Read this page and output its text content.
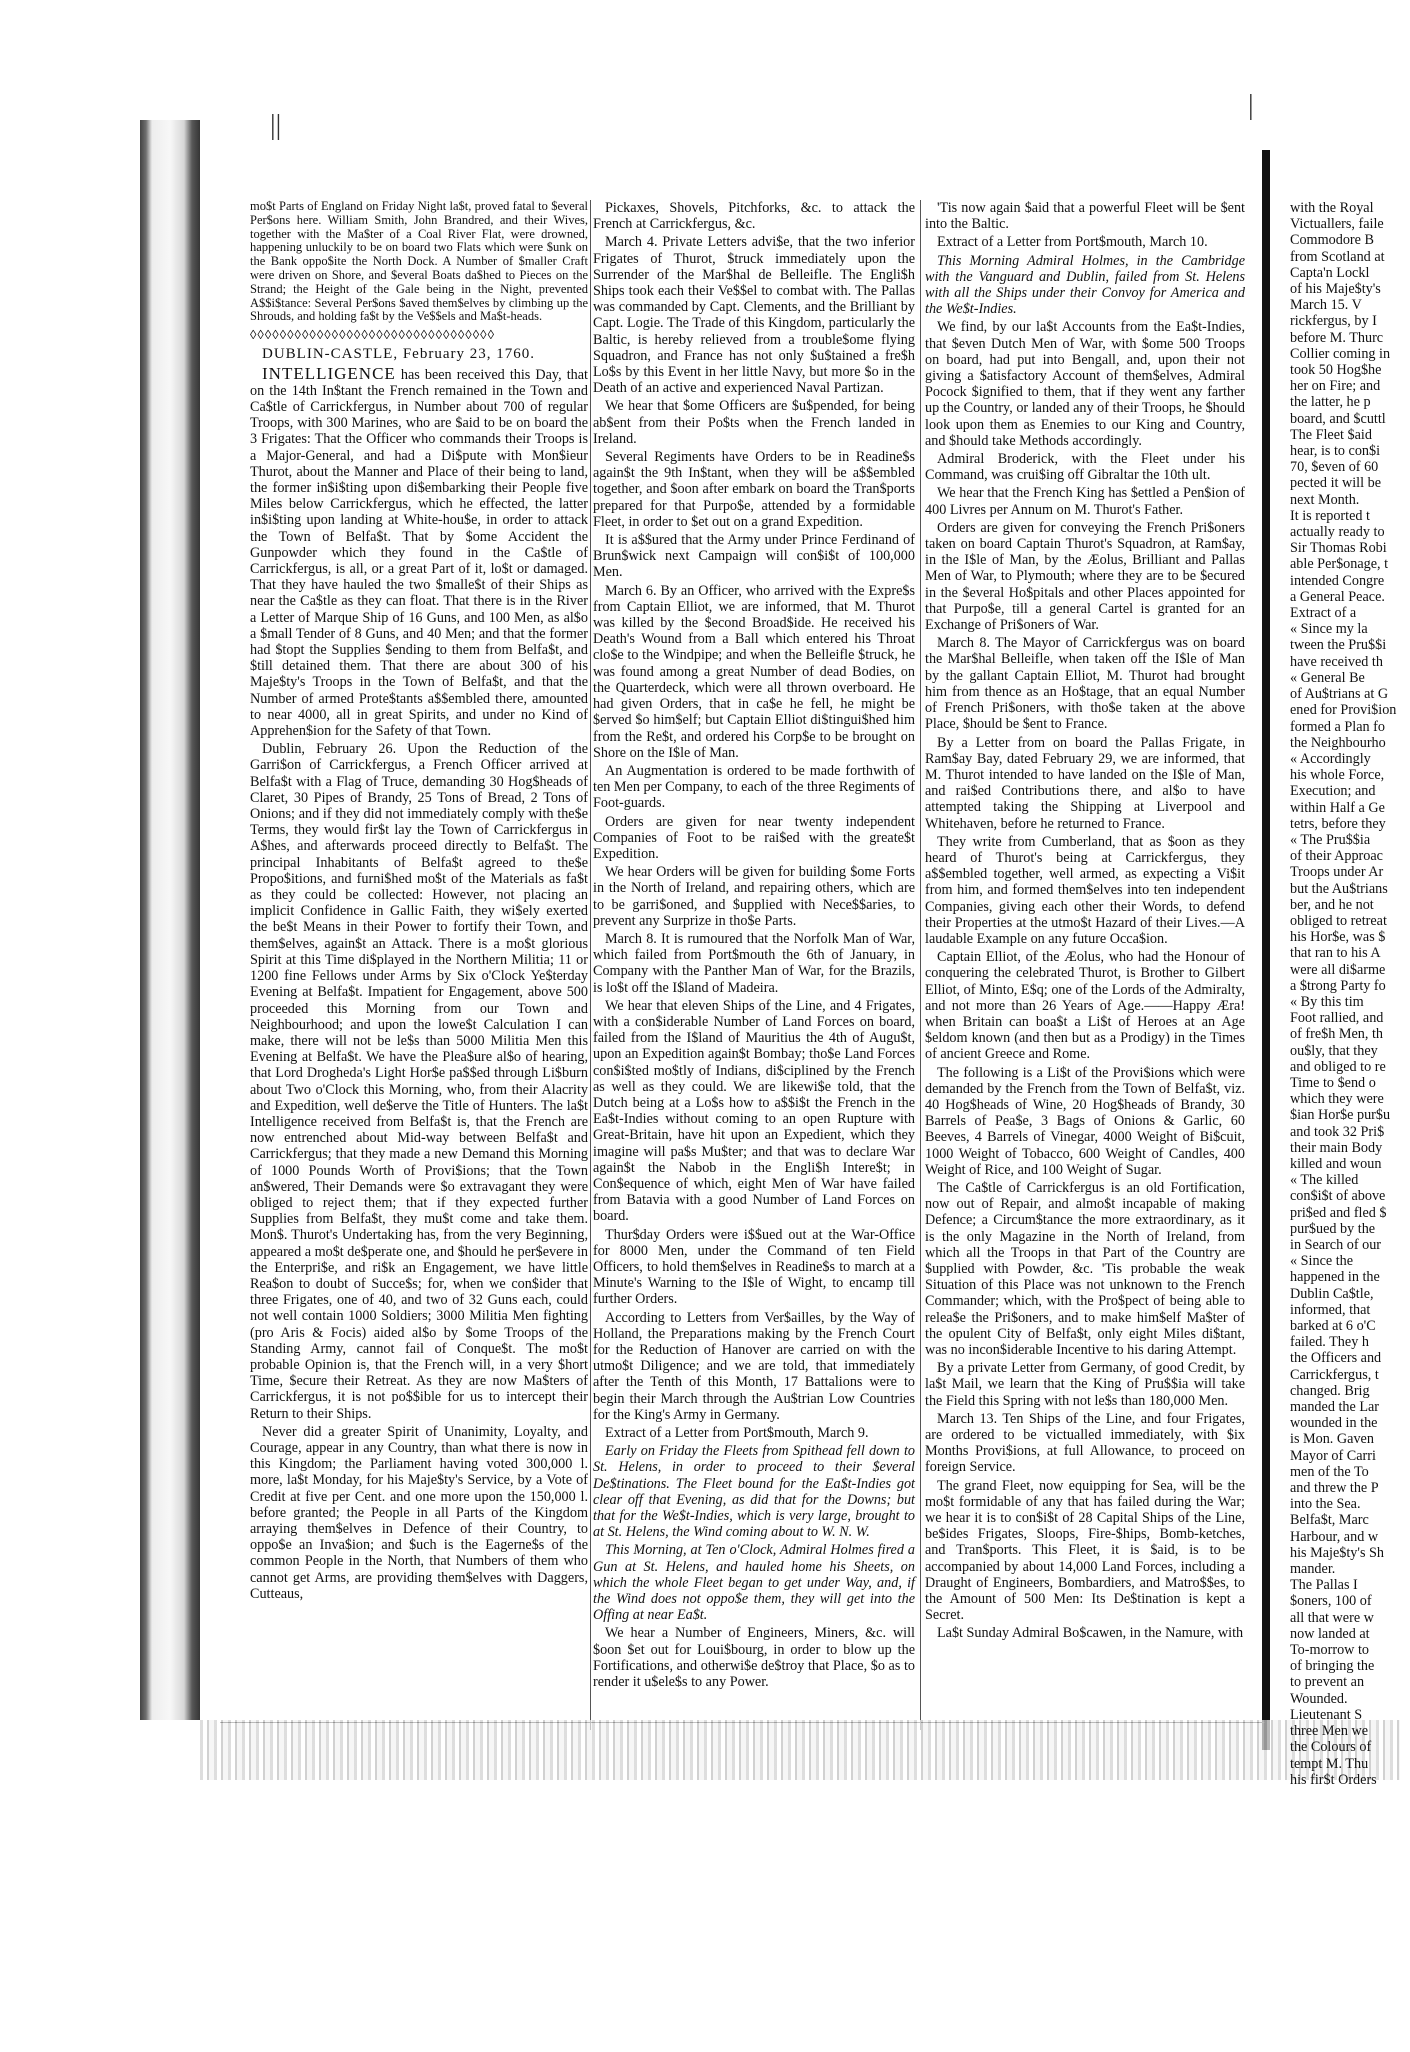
||
|

mo$t Parts of England on Friday Night la$t, proved fatal to $everal Per$ons here. William Smith, John Brandred, and their Wives, together with the Ma$ter of a Coal River Flat, were drowned, happening unluckily to be on board two Flats which were $unk on the Bank oppo$ite the North Dock. A Number of $maller Craft were driven on Shore, and $everal Boats da$hed to Pieces on the Strand; the Height of the Gale being in the Night, prevented A$$i$tance: Several Per$ons $aved them$elves by climbing up the Shrouds, and holding fa$t by the Ve$$els and Ma$t-heads.

◊◊◊◊◊◊◊◊◊◊◊◊◊◊◊◊◊◊◊◊◊◊◊◊◊◊◊◊◊◊◊◊◊

DUBLIN-CASTLE, February 23, 1760.

INTELLIGENCE has been received this Day, that on the 14th In$tant the French remained in the Town and Ca$tle of Carrickfergus, in Number about 700 of regular Troops, with 300 Marines, who are $aid to be on board the 3 Frigates: That the Officer who commands their Troops is a Major-General, and had a Di$pute with Mon$ieur Thurot, about the Manner and Place of their being to land, the former in$i$ting upon di$embarking their People five Miles below Carrickfergus, which he effected, the latter in$i$ting upon landing at White-hou$e, in order to attack the Town of Belfa$t. That by $ome Accident the Gunpowder which they found in the Ca$tle of Carrickfergus, is all, or a great Part of it, lo$t or damaged. That they have hauled the two $malle$t of their Ships as near the Ca$tle as they can float. That there is in the River a Letter of Marque Ship of 16 Guns, and 100 Men, as al$o a $mall Tender of 8 Guns, and 40 Men; and that the former had $topt the Supplies $ending to them from Belfa$t, and $till detained them. That there are about 300 of his Maje$ty's Troops in the Town of Belfa$t, and that the Number of armed Prote$tants a$$embled there, amounted to near 4000, all in great Spirits, and under no Kind of Apprehen$ion for the Safety of that Town.

Dublin, February 26. Upon the Reduction of the Garri$on of Carrickfergus, a French Officer arrived at Belfa$t with a Flag of Truce, demanding 30 Hog$heads of Claret, 30 Pipes of Brandy, 25 Tons of Bread, 2 Tons of Onions; and if they did not immediately comply with the$e Terms, they would fir$t lay the Town of Carrickfergus in A$hes, and afterwards proceed directly to Belfa$t. The principal Inhabitants of Belfa$t agreed to the$e Propo$itions, and furni$hed mo$t of the Materials as fa$t as they could be collected: However, not placing an implicit Confidence in Gallic Faith, they wi$ely exerted the be$t Means in their Power to fortify their Town, and them$elves, again$t an Attack. There is a mo$t glorious Spirit at this Time di$played in the Northern Militia; 11 or 1200 fine Fellows under Arms by Six o'Clock Ye$terday Evening at Belfa$t. Impatient for Engagement, above 500 proceeded this Morning from our Town and Neighbourhood; and upon the lowe$t Calculation I can make, there will not be le$s than 5000 Militia Men this Evening at Belfa$t. We have the Plea$ure al$o of hearing, that Lord Drogheda's Light Hor$e pa$$ed through Li$burn about Two o'Clock this Morning, who, from their Alacrity and Expedition, well de$erve the Title of Hunters. The la$t Intelligence received from Belfa$t is, that the French are now entrenched about Mid-way between Belfa$t and Carrickfergus; that they made a new Demand this Morning of 1000 Pounds Worth of Provi$ions; that the Town an$wered, Their Demands were $o extravagant they were obliged to reject them; that if they expected further Supplies from Belfa$t, they mu$t come and take them. Mon$. Thurot's Undertaking has, from the very Beginning, appeared a mo$t de$perate one, and $hould he per$evere in the Enterpri$e, and ri$k an Engagement, we have little Rea$on to doubt of Succe$s; for, when we con$ider that three Frigates, one of 40, and two of 32 Guns each, could not well contain 1000 Soldiers; 3000 Militia Men fighting (pro Aris & Focis) aided al$o by $ome Troops of the Standing Army, cannot fail of Conque$t. The mo$t probable Opinion is, that the French will, in a very $hort Time, $ecure their Retreat. As they are now Ma$ters of Carrickfergus, it is not po$$ible for us to intercept their Return to their Ships.

Never did a greater Spirit of Unanimity, Loyalty, and Courage, appear in any Country, than what there is now in this Kingdom; the Parliament having voted 300,000 l. more, la$t Monday, for his Maje$ty's Service, by a Vote of Credit at five per Cent. and one more upon the 150,000 l. before granted; the People in all Parts of the Kingdom arraying them$elves in Defence of their Country, to oppo$e an Inva$ion; and $uch is the Eagerne$s of the common People in the North, that Numbers of them who cannot get Arms, are providing them$elves with Daggers, Cutteaus,

Pickaxes, Shovels, Pitchforks, &c. to attack the French at Carrickfergus, &c.

March 4. Private Letters advi$e, that the two inferior Frigates of Thurot, $truck immediately upon the Surrender of the Mar$hal de Belleifle. The Engli$h Ships took each their Ve$$el to combat with. The Pallas was commanded by Capt. Clements, and the Brilliant by Capt. Logie. The Trade of this Kingdom, particularly the Baltic, is hereby relieved from a trouble$ome flying Squadron, and France has not only $u$tained a fre$h Lo$s by this Event in her little Navy, but more $o in the Death of an active and experienced Naval Partizan.

We hear that $ome Officers are $u$pended, for being ab$ent from their Po$ts when the French landed in Ireland.

Several Regiments have Orders to be in Readine$s again$t the 9th In$tant, when they will be a$$embled together, and $oon after embark on board the Tran$ports prepared for that Purpo$e, attended by a formidable Fleet, in order to $et out on a grand Expedition.

It is a$$ured that the Army under Prince Ferdinand of Brun$wick next Campaign will con$i$t of 100,000 Men.

March 6. By an Officer, who arrived with the Expre$s from Captain Elliot, we are informed, that M. Thurot was killed by the $econd Broad$ide. He received his Death's Wound from a Ball which entered his Throat clo$e to the Windpipe; and when the Belleifle $truck, he was found among a great Number of dead Bodies, on the Quarterdeck, which were all thrown overboard. He had given Orders, that in ca$e he fell, he might be $erved $o him$elf; but Captain Elliot di$tingui$hed him from the Re$t, and ordered his Corp$e to be brought on Shore on the I$le of Man.

An Augmentation is ordered to be made forthwith of ten Men per Company, to each of the three Regiments of Foot-guards.

Orders are given for near twenty independent Companies of Foot to be rai$ed with the greate$t Expedition.

We hear Orders will be given for building $ome Forts in the North of Ireland, and repairing others, which are to be garri$oned, and $upplied with Nece$$aries, to prevent any Surprize in tho$e Parts.

March 8. It is rumoured that the Norfolk Man of War, which failed from Port$mouth the 6th of January, in Company with the Panther Man of War, for the Brazils, is lo$t off the I$land of Madeira.

We hear that eleven Ships of the Line, and 4 Frigates, with a con$iderable Number of Land Forces on board, failed from the I$land of Mauritius the 4th of Augu$t, upon an Expedition again$t Bombay; tho$e Land Forces con$i$ted mo$tly of Indians, di$ciplined by the French as well as they could. We are likewi$e told, that the Dutch being at a Lo$s how to a$$i$t the French in the Ea$t-Indies without coming to an open Rupture with Great-Britain, have hit upon an Expedient, which they imagine will pa$s Mu$ter; and that was to declare War again$t the Nabob in the Engli$h Intere$t; in Con$equence of which, eight Men of War have failed from Batavia with a good Number of Land Forces on board.

Thur$day Orders were i$$ued out at the War-Office for 8000 Men, under the Command of ten Field Officers, to hold them$elves in Readine$s to march at a Minute's Warning to the I$le of Wight, to encamp till further Orders.

According to Letters from Ver$ailles, by the Way of Holland, the Preparations making by the French Court for the Reduction of Hanover are carried on with the utmo$t Diligence; and we are told, that immediately after the Tenth of this Month, 17 Battalions were to begin their March through the Au$trian Low Countries for the King's Army in Germany.

Extract of a Letter from Port$mouth, March 9.

Early on Friday the Fleets from Spithead fell down to St. Helens, in order to proceed to their $everal De$tinations. The Fleet bound for the Ea$t-Indies got clear off that Evening, as did that for the Downs; but that for the We$t-Indies, which is very large, brought to at St. Helens, the Wind coming about to W. N. W.

This Morning, at Ten o'Clock, Admiral Holmes fired a Gun at St. Helens, and hauled home his Sheets, on which the whole Fleet began to get under Way, and, if the Wind does not oppo$e them, they will get into the Offing at near Ea$t.

We hear a Number of Engineers, Miners, &c. will $oon $et out for Loui$bourg, in order to blow up the Fortifications, and otherwi$e de$troy that Place, $o as to render it u$ele$s to any Power.

'Tis now again $aid that a powerful Fleet will be $ent into the Baltic.

Extract of a Letter from Port$mouth, March 10.

This Morning Admiral Holmes, in the Cambridge with the Vanguard and Dublin, failed from St. Helens with all the Ships under their Convoy for America and the We$t-Indies.

We find, by our la$t Accounts from the Ea$t-Indies, that $even Dutch Men of War, with $ome 500 Troops on board, had put into Bengall, and, upon their not giving a $atisfactory Account of them$elves, Admiral Pocock $ignified to them, that if they went any farther up the Country, or landed any of their Troops, he $hould look upon them as Enemies to our King and Country, and $hould take Methods accordingly.

Admiral Broderick, with the Fleet under his Command, was crui$ing off Gibraltar the 10th ult.

We hear that the French King has $ettled a Pen$ion of 400 Livres per Annum on M. Thurot's Father.

Orders are given for conveying the French Pri$oners taken on board Captain Thurot's Squadron, at Ram$ay, in the I$le of Man, by the Æolus, Brilliant and Pallas Men of War, to Plymouth; where they are to be $ecured in the $everal Ho$pitals and other Places appointed for that Purpo$e, till a general Cartel is granted for an Exchange of Pri$oners of War.

March 8. The Mayor of Carrickfergus was on board the Mar$hal Belleifle, when taken off the I$le of Man by the gallant Captain Elliot, M. Thurot had brought him from thence as an Ho$tage, that an equal Number of French Pri$oners, with tho$e taken at the above Place, $hould be $ent to France.

By a Letter from on board the Pallas Frigate, in Ram$ay Bay, dated February 29, we are informed, that M. Thurot intended to have landed on the I$le of Man, and rai$ed Contributions there, and al$o to have attempted taking the Shipping at Liverpool and Whitehaven, before he returned to France.

They write from Cumberland, that as $oon as they heard of Thurot's being at Carrickfergus, they a$$embled together, well armed, as expecting a Vi$it from him, and formed them$elves into ten independent Companies, giving each other their Words, to defend their Properties at the utmo$t Hazard of their Lives.—A laudable Example on any future Occa$ion.

Captain Elliot, of the Æolus, who had the Honour of conquering the celebrated Thurot, is Brother to Gilbert Elliot, of Minto, E$q; one of the Lords of the Admiralty, and not more than 26 Years of Age.——Happy Æra! when Britain can boa$t a Li$t of Heroes at an Age $eldom known (and then but as a Prodigy) in the Times of ancient Greece and Rome.

The following is a Li$t of the Provi$ions which were demanded by the French from the Town of Belfa$t, viz. 40 Hog$heads of Wine, 20 Hog$heads of Brandy, 30 Barrels of Pea$e, 3 Bags of Onions & Garlic, 60 Beeves, 4 Barrels of Vinegar, 4000 Weight of Bi$cuit, 1000 Weight of Tobacco, 600 Weight of Candles, 400 Weight of Rice, and 100 Weight of Sugar.

The Ca$tle of Carrickfergus is an old Fortification, now out of Repair, and almo$t incapable of making Defence; a Circum$tance the more extraordinary, as it is the only Magazine in the North of Ireland, from which all the Troops in that Part of the Country are $upplied with Powder, &c. 'Tis probable the weak Situation of this Place was not unknown to the French Commander; which, with the Pro$pect of being able to relea$e the Pri$oners, and to make him$elf Ma$ter of the opulent City of Belfa$t, only eight Miles di$tant, was no incon$iderable Incentive to his daring Attempt.

By a private Letter from Germany, of good Credit, by la$t Mail, we learn that the King of Pru$$ia will take the Field this Spring with not le$s than 180,000 Men.

March 13. Ten Ships of the Line, and four Frigates, are ordered to be victualled immediately, with $ix Months Provi$ions, at full Allowance, to proceed on foreign Service.

The grand Fleet, now equipping for Sea, will be the mo$t formidable of any that has failed during the War; we hear it is to con$i$t of 28 Capital Ships of the Line, be$ides Frigates, Sloops, Fire-$hips, Bomb-ketches, and Tran$ports. This Fleet, it is $aid, is to be accompanied by about 14,000 Land Forces, including a Draught of Engineers, Bombardiers, and Matro$$es, to the Amount of 500 Men: Its De$tination is kept a Secret.

La$t Sunday Admiral Bo$cawen, in the Namure, with

with the Royal

Victuallers, faile

Commodore B

from Scotland at

Capta'n Lockl

of his Maje$ty's

March 15. V

rickfergus, by I

before M. Thurc

Collier coming in

took 50 Hog$he

her on Fire; and

the latter, he p

board, and $cuttl

The Fleet $aid

hear, is to con$i

70, $even of 60

pected it will be

next Month.

It is reported t

actually ready to

Sir Thomas Robi

able Per$onage, t

intended Congre

a General Peace.

Extract of a

« Since my la

tween the Pru$$i

have received th

« General Be

of Au$trians at G

ened for Provi$ion

formed a Plan fo

the Neighbourho

« Accordingly

his whole Force,

Execution; and

within Half a Ge

tetrs, before they

« The Pru$$ia

of their Approac

Troops under Ar

but the Au$trians

ber, and he not

obliged to retreat

his Hor$e, was $

that ran to his A

were all di$arme

a $trong Party fo

« By this tim

Foot rallied, and

of fre$h Men, th

ou$ly, that they

and obliged to re

Time to $end o

which they were

$ian Hor$e pur$u

and took 32 Pri$

their main Body

killed and woun

« The killed

con$i$t of above

pri$ed and fled $

pur$ued by the

in Search of our

« Since the

happened in the

Dublin Ca$tle,

informed, that

barked at 6 o'C

failed. They h

the Officers and

Carrickfergus, t

changed. Brig

manded the Lar

wounded in the

is Mon. Gaven

Mayor of Carri

men of the To

and threw the P

into the Sea.

Belfa$t, Marc

Harbour, and w

his Maje$ty's Sh

mander.

The Pallas I

$oners, 100 of

all that were w

now landed at

To-morrow to

of bringing the

to prevent an

Wounded.

Lieutenant S

three Men we

the Colours of

tempt M. Thu

his fir$t Orders
